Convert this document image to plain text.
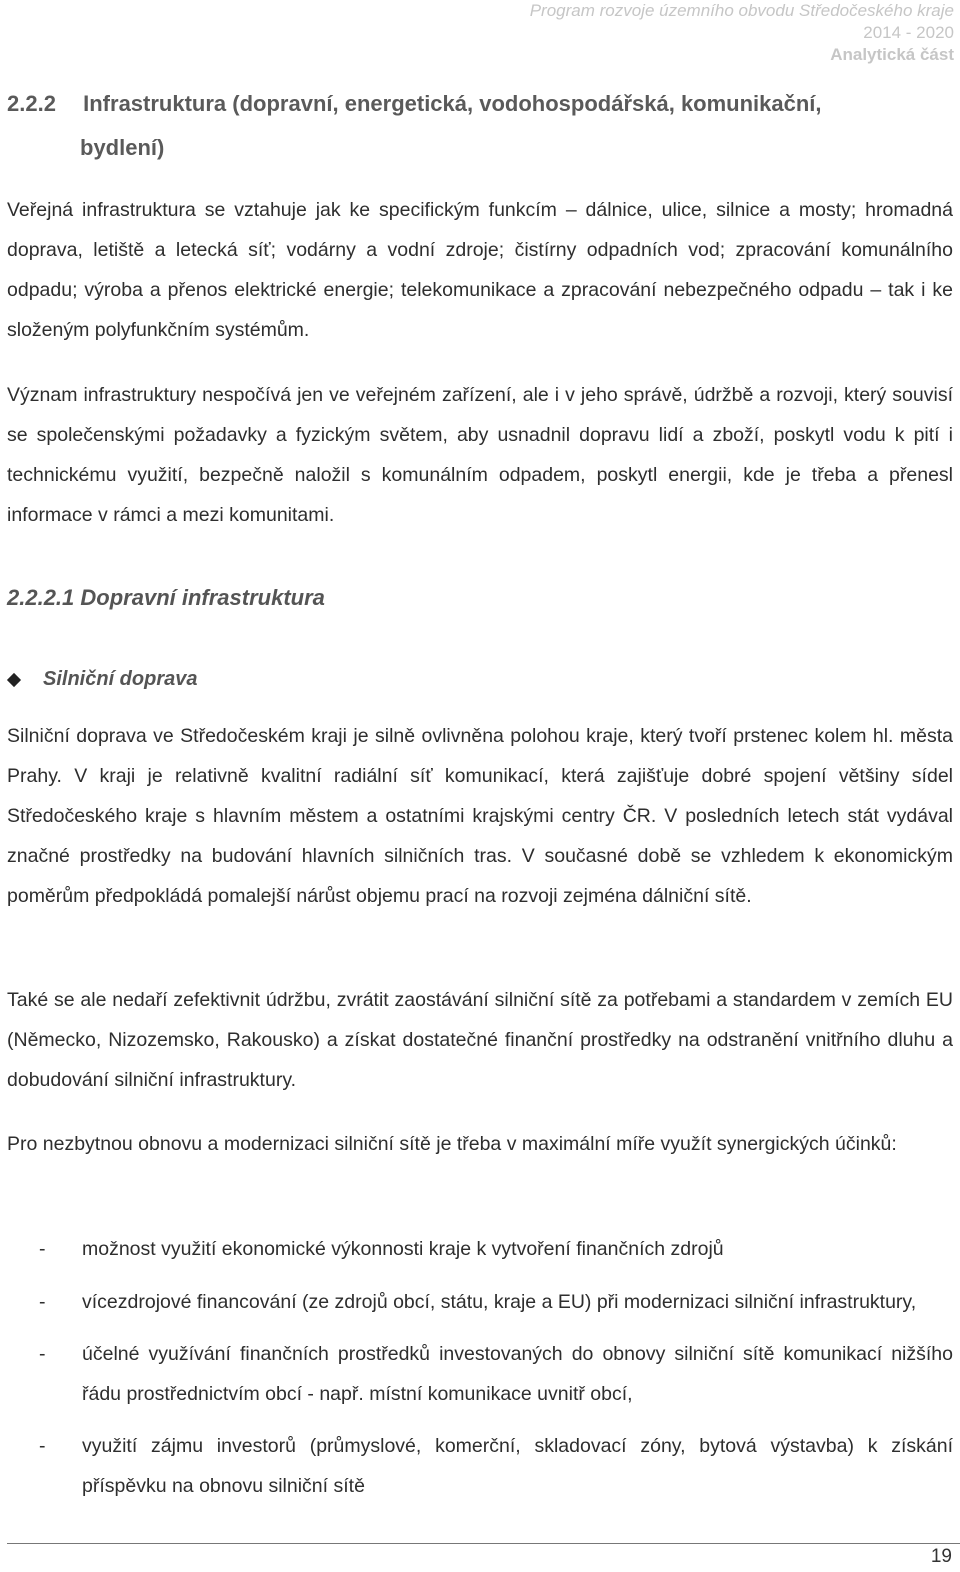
Program rozvoje územního obvodu Středočeského kraje
2014 - 2020
Analytická část
2.2.2 Infrastruktura (dopravní, energetická, vodohospodářská, komunikační,
bydlení)
Veřejná infrastruktura se vztahuje jak ke specifickým funkcím – dálnice, ulice, silnice a mosty; hromadná doprava, letiště a letecká síť; vodárny a vodní zdroje; čistírny odpadních vod; zpracování komunálního odpadu; výroba a přenos elektrické energie; telekomunikace a zpracování nebezpečného odpadu – tak i ke složeným polyfunkčním systémům.
Význam infrastruktury nespočívá jen ve veřejném zařízení, ale i v jeho správě, údržbě a rozvoji, který souvisí se společenskými požadavky a fyzickým světem, aby usnadnil dopravu lidí a zboží, poskytl vodu k pití i technickému využití, bezpečně naložil s komunálním odpadem, poskytl energii, kde je třeba a přenesl informace v rámci a mezi komunitami.
2.2.2.1 Dopravní infrastruktura
Silniční doprava
Silniční doprava ve Středočeském kraji je silně ovlivněna polohou kraje, který tvoří prstenec kolem hl. města Prahy. V kraji je relativně kvalitní radiální síť komunikací, která zajišťuje dobré spojení většiny sídel Středočeského kraje s hlavním městem a ostatními krajskými centry ČR. V posledních letech stát vydával značné prostředky na budování hlavních silničních tras. V současné době se vzhledem k ekonomickým poměrům předpokládá pomalejší nárůst objemu prací na rozvoji zejména dálniční sítě.
Také se ale nedaří zefektivnit údržbu, zvrátit zaostávání silniční sítě za potřebami a standardem v zemích EU (Německo, Nizozemsko, Rakousko) a získat dostatečné finanční prostředky na odstranění vnitřního dluhu a dobudování silniční infrastruktury.
Pro nezbytnou obnovu a modernizaci silniční sítě je třeba v maximální míře využít synergických účinků:
- možnost využití ekonomické výkonnosti kraje k vytvoření finančních zdrojů
- vícezdrojové financování (ze zdrojů obcí, státu, kraje a EU) při modernizaci silniční infrastruktury,
- účelné využívání finančních prostředků investovaných do obnovy silniční sítě komunikací nižšího řádu prostřednictvím obcí - např. místní komunikace uvnitř obcí,
- využití zájmu investorů (průmyslové, komerční, skladovací zóny, bytová výstavba) k získání příspěvku na obnovu silniční sítě
19
